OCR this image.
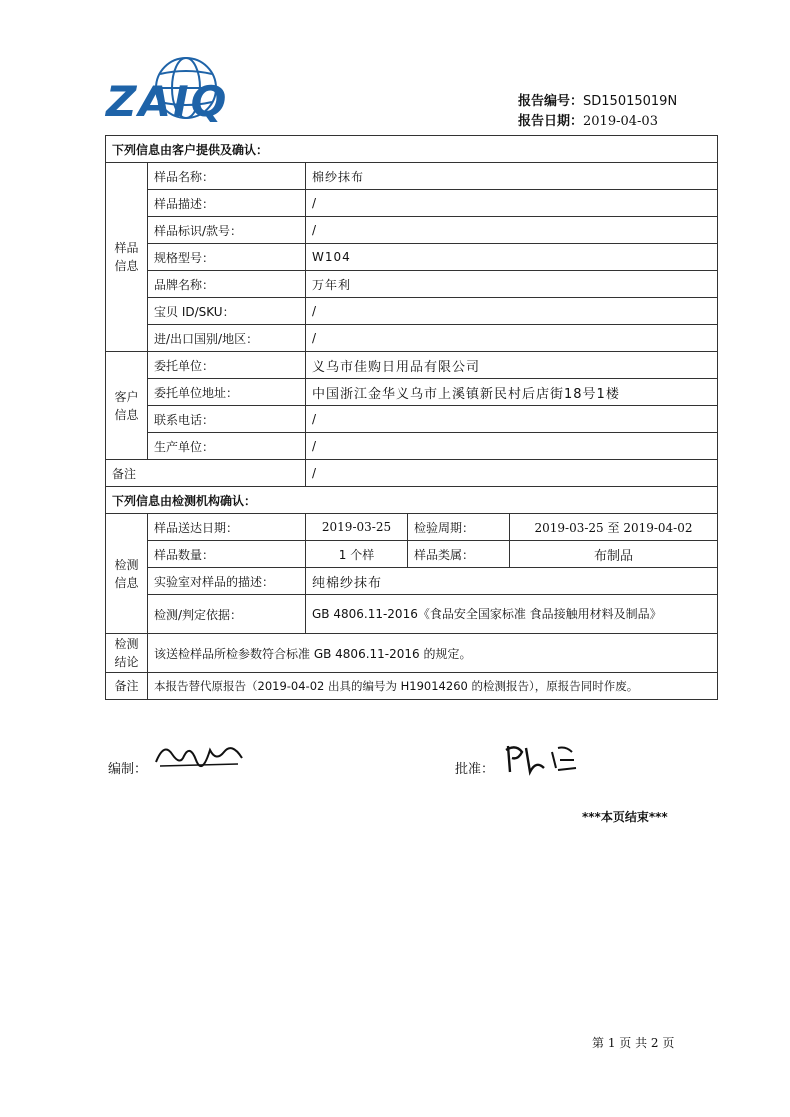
ZAIQ	报告编号：SD15015019N
报告日期：2019-04-03
下列信息由客户提供及确认：				
样品信息	样品名称：	棉纱抹布		
	样品描述：	/		
	样品标识/款号：	/		
	规格型号：	W104		
	品牌名称：	万年利		
	宝贝 ID/SKU：	/		
	进/出口国别/地区：	/		
客户信息	委托单位：	义乌市佳购日用品有限公司		
	委托单位地址：	中国浙江金华义乌市上溪镇新民村后店街18号1楼		
	联系电话：	/		
	生产单位：	/		
备注		/		
下列信息由检测机构确认：				
检测信息	样品送达日期：	2019-03-25	检验周期：	2019-03-25 至 2019-04-02
	样品数量：	1 个样	样品类属：	布制品
	实验室对样品的描述：	纯棉纱抹布		
	检测/判定依据：	GB 4806.11-2016《食品安全国家标准 食品接触用材料及制品》		
检测结论	该送检样品所检参数符合标准 GB 4806.11-2016 的规定。			
备注	本报告替代原报告（2019-04-02 出具的编号为 H19014260 的检测报告），原报告同时作废。			
编制：	批准：
***本页结束***
第 1 页 共 2 页
